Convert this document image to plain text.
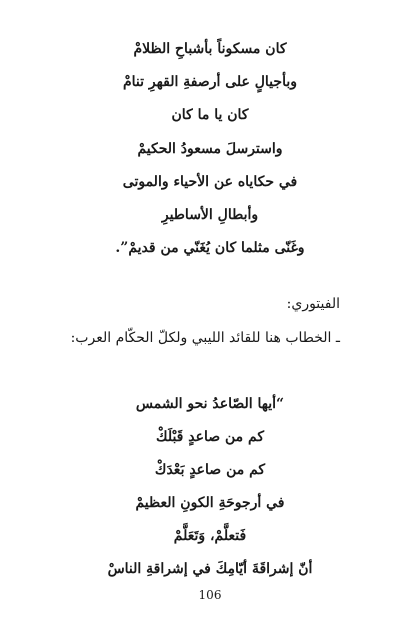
كان مسكوناً بأشباحِ الظلامْ
وبأجيالٍ على أرصفةِ القهرِ تنامْ
كان يا ما كان
واسترسلَ مسعودُ الحكيمْ
في حكاياه عن الأحياء والموتى
وأبطالِ الأساطيرِ
وغَنّى مثلما كان يُغَنّي من قديمْ”.
الفيتوري:
ـ الخطاب هنا للقائد الليبي ولكلّ الحكّام العرب:
“أيها الصّاعدُ نحو الشمس
كم من صاعدٍ قَبْلَكْ
كم من صاعدٍ بَعْدَكْ
في أرجوحَةِ الكونِ العظيمْ
فَتعلَّمْ، وَتَعَلَّمْ
أنّ إشراقَةَ أيّامِكَ في إشراقةِ الناسْ
106
